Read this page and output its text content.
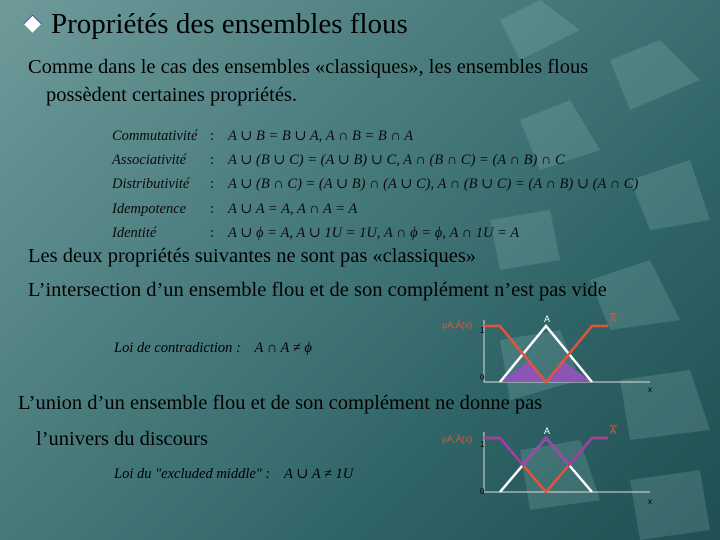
Propriétés des ensembles flous
Comme dans le cas des ensembles «classiques», les ensembles flous
possèdent certaines propriétés.
Commutativité : A ∪ B = B ∪ A, A ∩ B = B ∩ A
Associativité : A ∪ (B ∪ C) = (A ∪ B) ∪ C, A ∩ (B ∩ C) = (A ∩ B) ∩ C
Distributivité : A ∪ (B ∩ C) = (A ∪ B) ∩ (A ∪ C), A ∩ (B ∪ C) = (A ∩ B) ∪ (A ∩ C)
Idempotence : A ∪ A = A, A ∩ A = A
Identité	: A ∪ ϕ = A, A ∪ 1U = 1U, A ∩ ϕ = ϕ, A ∩ 1U = A
Les deux propriétés suivantes ne sont pas «classiques»
L’intersection d’un ensemble flou et de son complément n’est pas vide
Loi de contradiction : A ∩ A ≠ ϕ
μA,Ā(x)
1
0
A	A
x
L’union d’un ensemble flou et de son complément ne donne pas
l’univers du discours
Loi du "excluded middle" : A ∪ A ≠ 1U
μA,Ā(x)
1
0
A	A
x
